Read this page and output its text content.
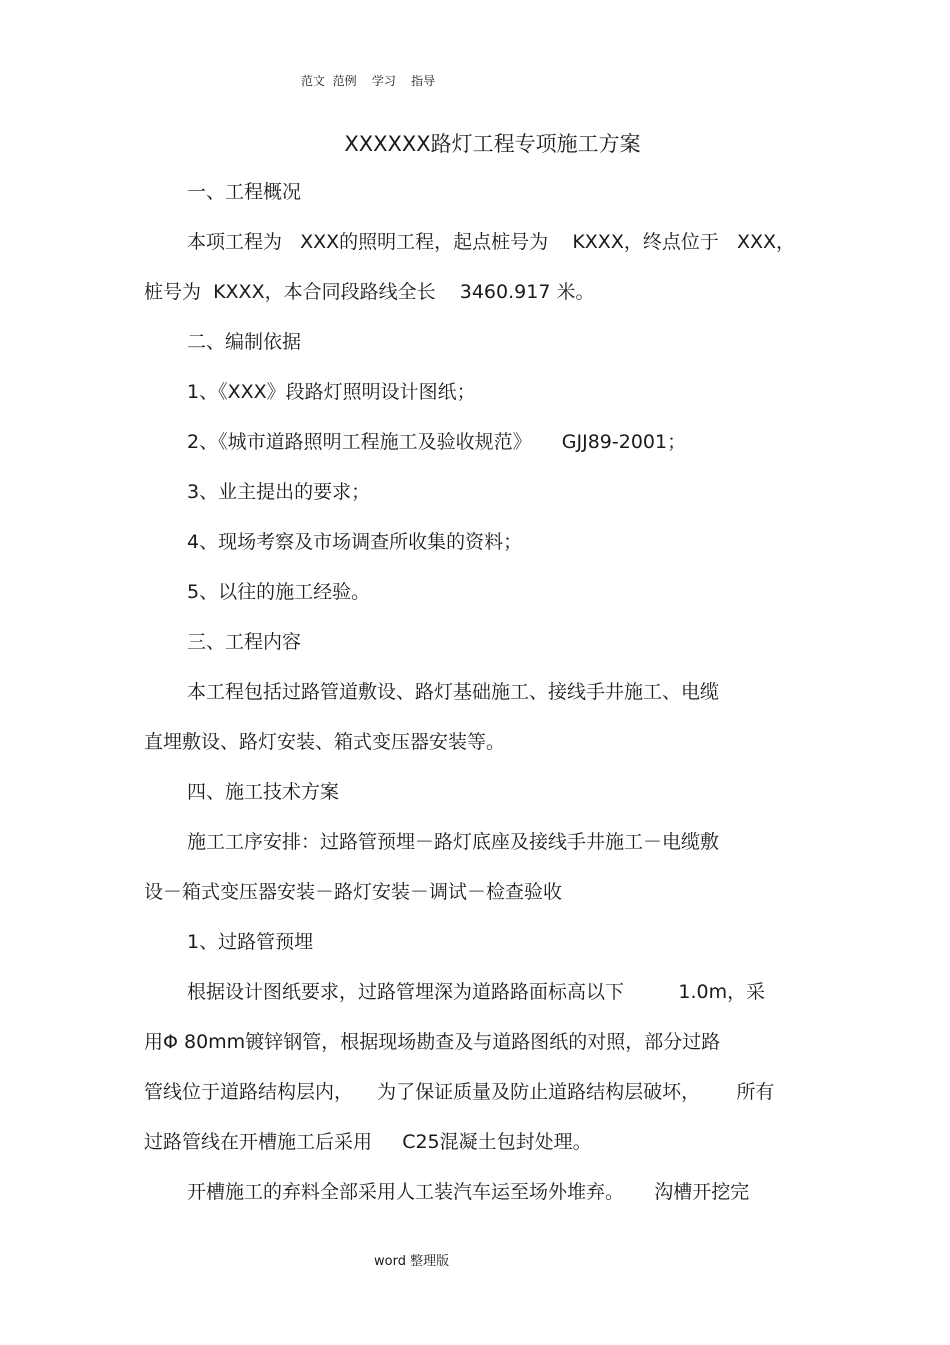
范文  范例    学习    指导
XXXXXX路灯工程专项施工方案
一、工程概况
本项工程为   XXX的照明工程，起点桩号为    KXXX，终点位于   XXX，
桩号为  KXXX，本合同段路线全长    3460.917 米。
二、编制依据
1、《XXX》段路灯照明设计图纸；
2、《城市道路照明工程施工及验收规范》     GJJ89-2001；
3、业主提出的要求；
4、现场考察及市场调查所收集的资料；
5、以往的施工经验。
三、工程内容
本工程包括过路管道敷设、路灯基础施工、接线手井施工、电缆
直埋敷设、路灯安装、箱式变压器安装等。
四、施工技术方案
施工工序安排：过路管预埋－路灯底座及接线手井施工－电缆敷
设－箱式变压器安装－路灯安装－调试－检查验收
1、过路管预埋
根据设计图纸要求，过路管埋深为道路路面标高以下         1.0m，采
用Φ 80mm镀锌钢管，根据现场勘查及与道路图纸的对照，部分过路
管线位于道路结构层内，    为了保证质量及防止道路结构层破坏，      所有
过路管线在开槽施工后采用     C25混凝土包封处理。
开槽施工的弃料全部采用人工装汽车运至场外堆弃。     沟槽开挖完
word 整理版
